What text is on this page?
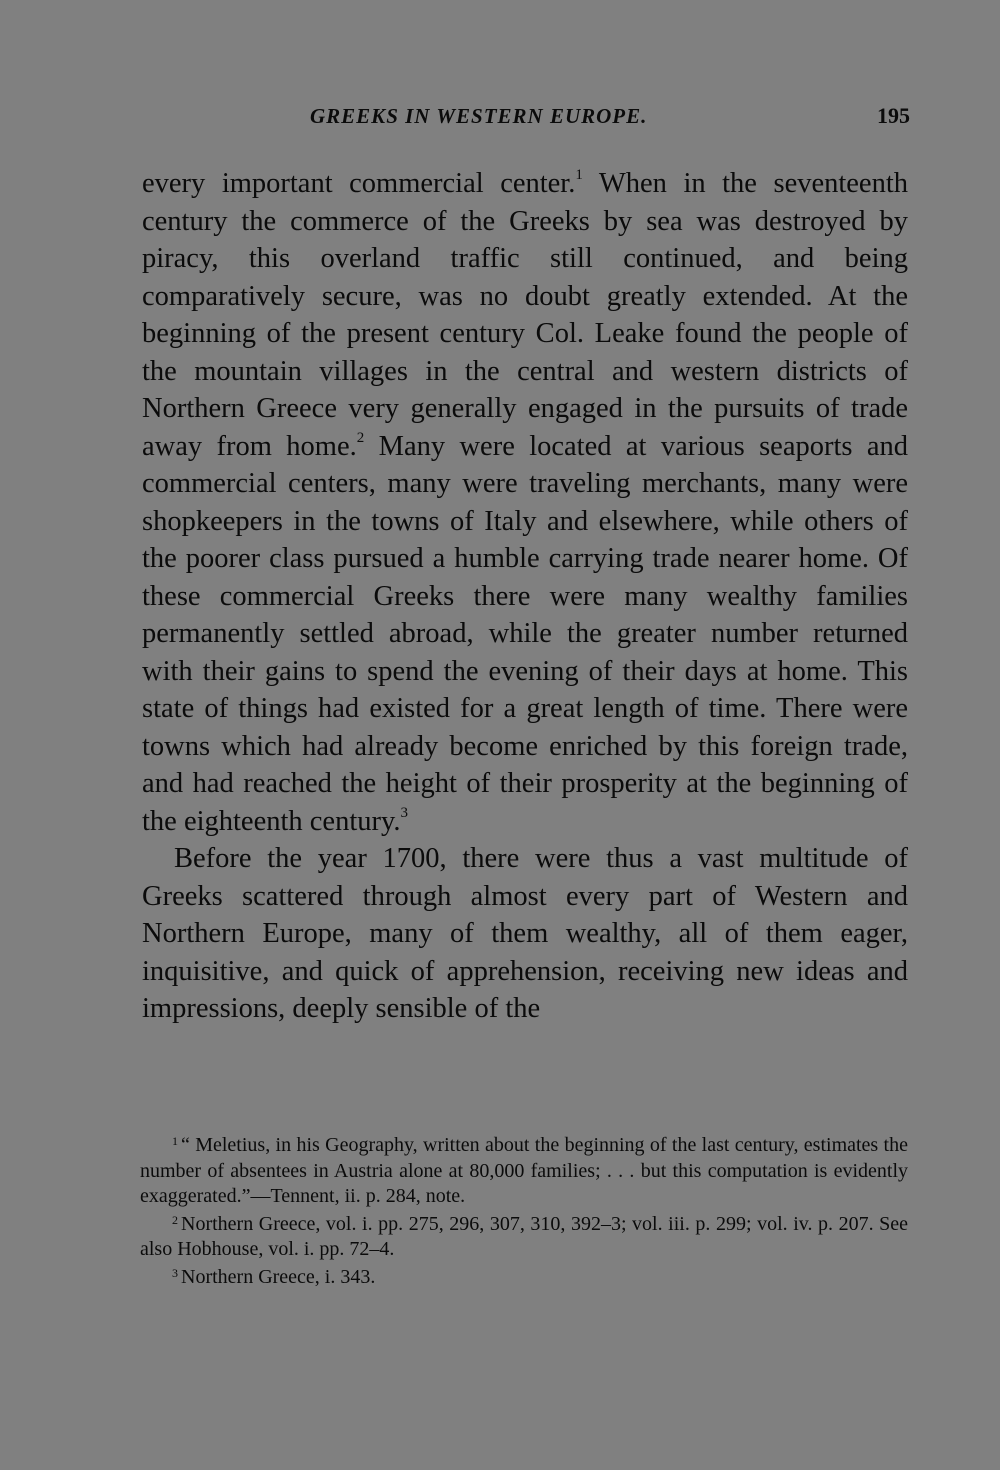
GREEKS IN WESTERN EUROPE.	195

every important commercial center.$^1$ When in the seventeenth century the commerce of the Greeks by sea was destroyed by piracy, this overland traffic still continued, and being comparatively secure, was no doubt greatly extended. At the beginning of the present century Col. Leake found the people of the mountain villages in the central and western districts of Northern Greece very generally engaged in the pursuits of trade away from home.$^2$ Many were located at various seaports and commercial centers, many were traveling merchants, many were shopkeepers in the towns of Italy and elsewhere, while others of the poorer class pursued a humble carrying trade nearer home. Of these commercial Greeks there were many wealthy families permanently settled abroad, while the greater number returned with their gains to spend the evening of their days at home. This state of things had existed for a great length of time. There were towns which had already become enriched by this foreign trade, and had reached the height of their prosperity at the beginning of the eighteenth century.$^3$

Before the year 1700, there were thus a vast multitude of Greeks scattered through almost every part of Western and Northern Europe, many of them wealthy, all of them eager, inquisitive, and quick of apprehension, receiving new ideas and impressions, deeply sensible of the

$^1$ “ Meletius, in his Geography, written about the beginning of the last century, estimates the number of absentees in Austria alone at 80,000 families; . . . but this computation is evidently exaggerated.”—Tennent, ii. p. 284, note.

$^2$ Northern Greece, vol. i. pp. 275, 296, 307, 310, 392–3; vol. iii. p. 299; vol. iv. p. 207. See also Hobhouse, vol. i. pp. 72–4.

$^3$ Northern Greece, i. 343.
